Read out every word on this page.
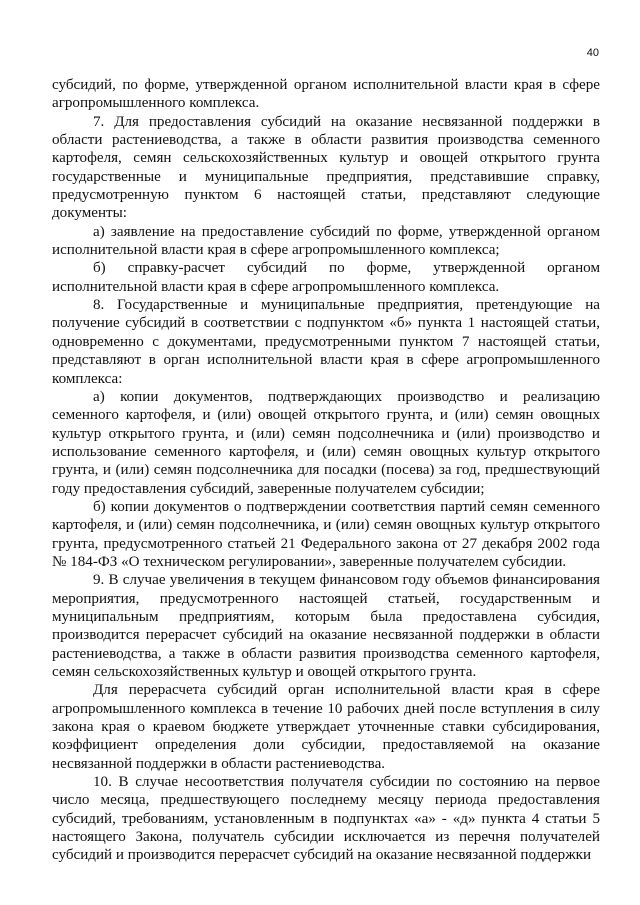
40

субсидий, по форме, утвержденной органом исполнительной власти края в сфере агропромышленного комплекса.

7. Для предоставления субсидий на оказание несвязанной поддержки в области растениеводства, а также в области развития производства семенного картофеля, семян сельскохозяйственных культур и овощей открытого грунта государственные и муниципальные предприятия, представившие справку, предусмотренную пунктом 6 настоящей статьи, представляют следующие документы:

а) заявление на предоставление субсидий по форме, утвержденной органом исполнительной власти края в сфере агропромышленного комплекса;

б) справку-расчет субсидий по форме, утвержденной органом исполнительной власти края в сфере агропромышленного комплекса.

8. Государственные и муниципальные предприятия, претендующие на получение субсидий в соответствии с подпунктом «б» пункта 1 настоящей статьи, одновременно с документами, предусмотренными пунктом 7 настоящей статьи, представляют в орган исполнительной власти края в сфере агропромышленного комплекса:

а) копии документов, подтверждающих производство и реализацию семенного картофеля, и (или) овощей открытого грунта, и (или) семян овощных культур открытого грунта, и (или) семян подсолнечника и (или) производство и использование семенного картофеля, и (или) семян овощных культур открытого грунта, и (или) семян подсолнечника для посадки (посева) за год, предшествующий году предоставления субсидий, заверенные получателем субсидии;

б) копии документов о подтверждении соответствия партий семян семенного картофеля, и (или) семян подсолнечника, и (или) семян овощных культур открытого грунта, предусмотренного статьей 21 Федерального закона от 27 декабря 2002 года № 184-ФЗ «О техническом регулировании», заверенные получателем субсидии.

9. В случае увеличения в текущем финансовом году объемов финансирования мероприятия, предусмотренного настоящей статьей, государственным и муниципальным предприятиям, которым была предоставлена субсидия, производится перерасчет субсидий на оказание несвязанной поддержки в области растениеводства, а также в области развития производства семенного картофеля, семян сельскохозяйственных культур и овощей открытого грунта.

Для перерасчета субсидий орган исполнительной власти края в сфере агропромышленного комплекса в течение 10 рабочих дней после вступления в силу закона края о краевом бюджете утверждает уточненные ставки субсидирования, коэффициент определения доли субсидии, предоставляемой на оказание несвязанной поддержки в области растениеводства.

10. В случае несоответствия получателя субсидии по состоянию на первое число месяца, предшествующего последнему месяцу периода предоставления субсидий, требованиям, установленным в подпунктах «а» - «д» пункта 4 статьи 5 настоящего Закона, получатель субсидии исключается из перечня получателей субсидий и производится перерасчет субсидий на оказание несвязанной поддержки
